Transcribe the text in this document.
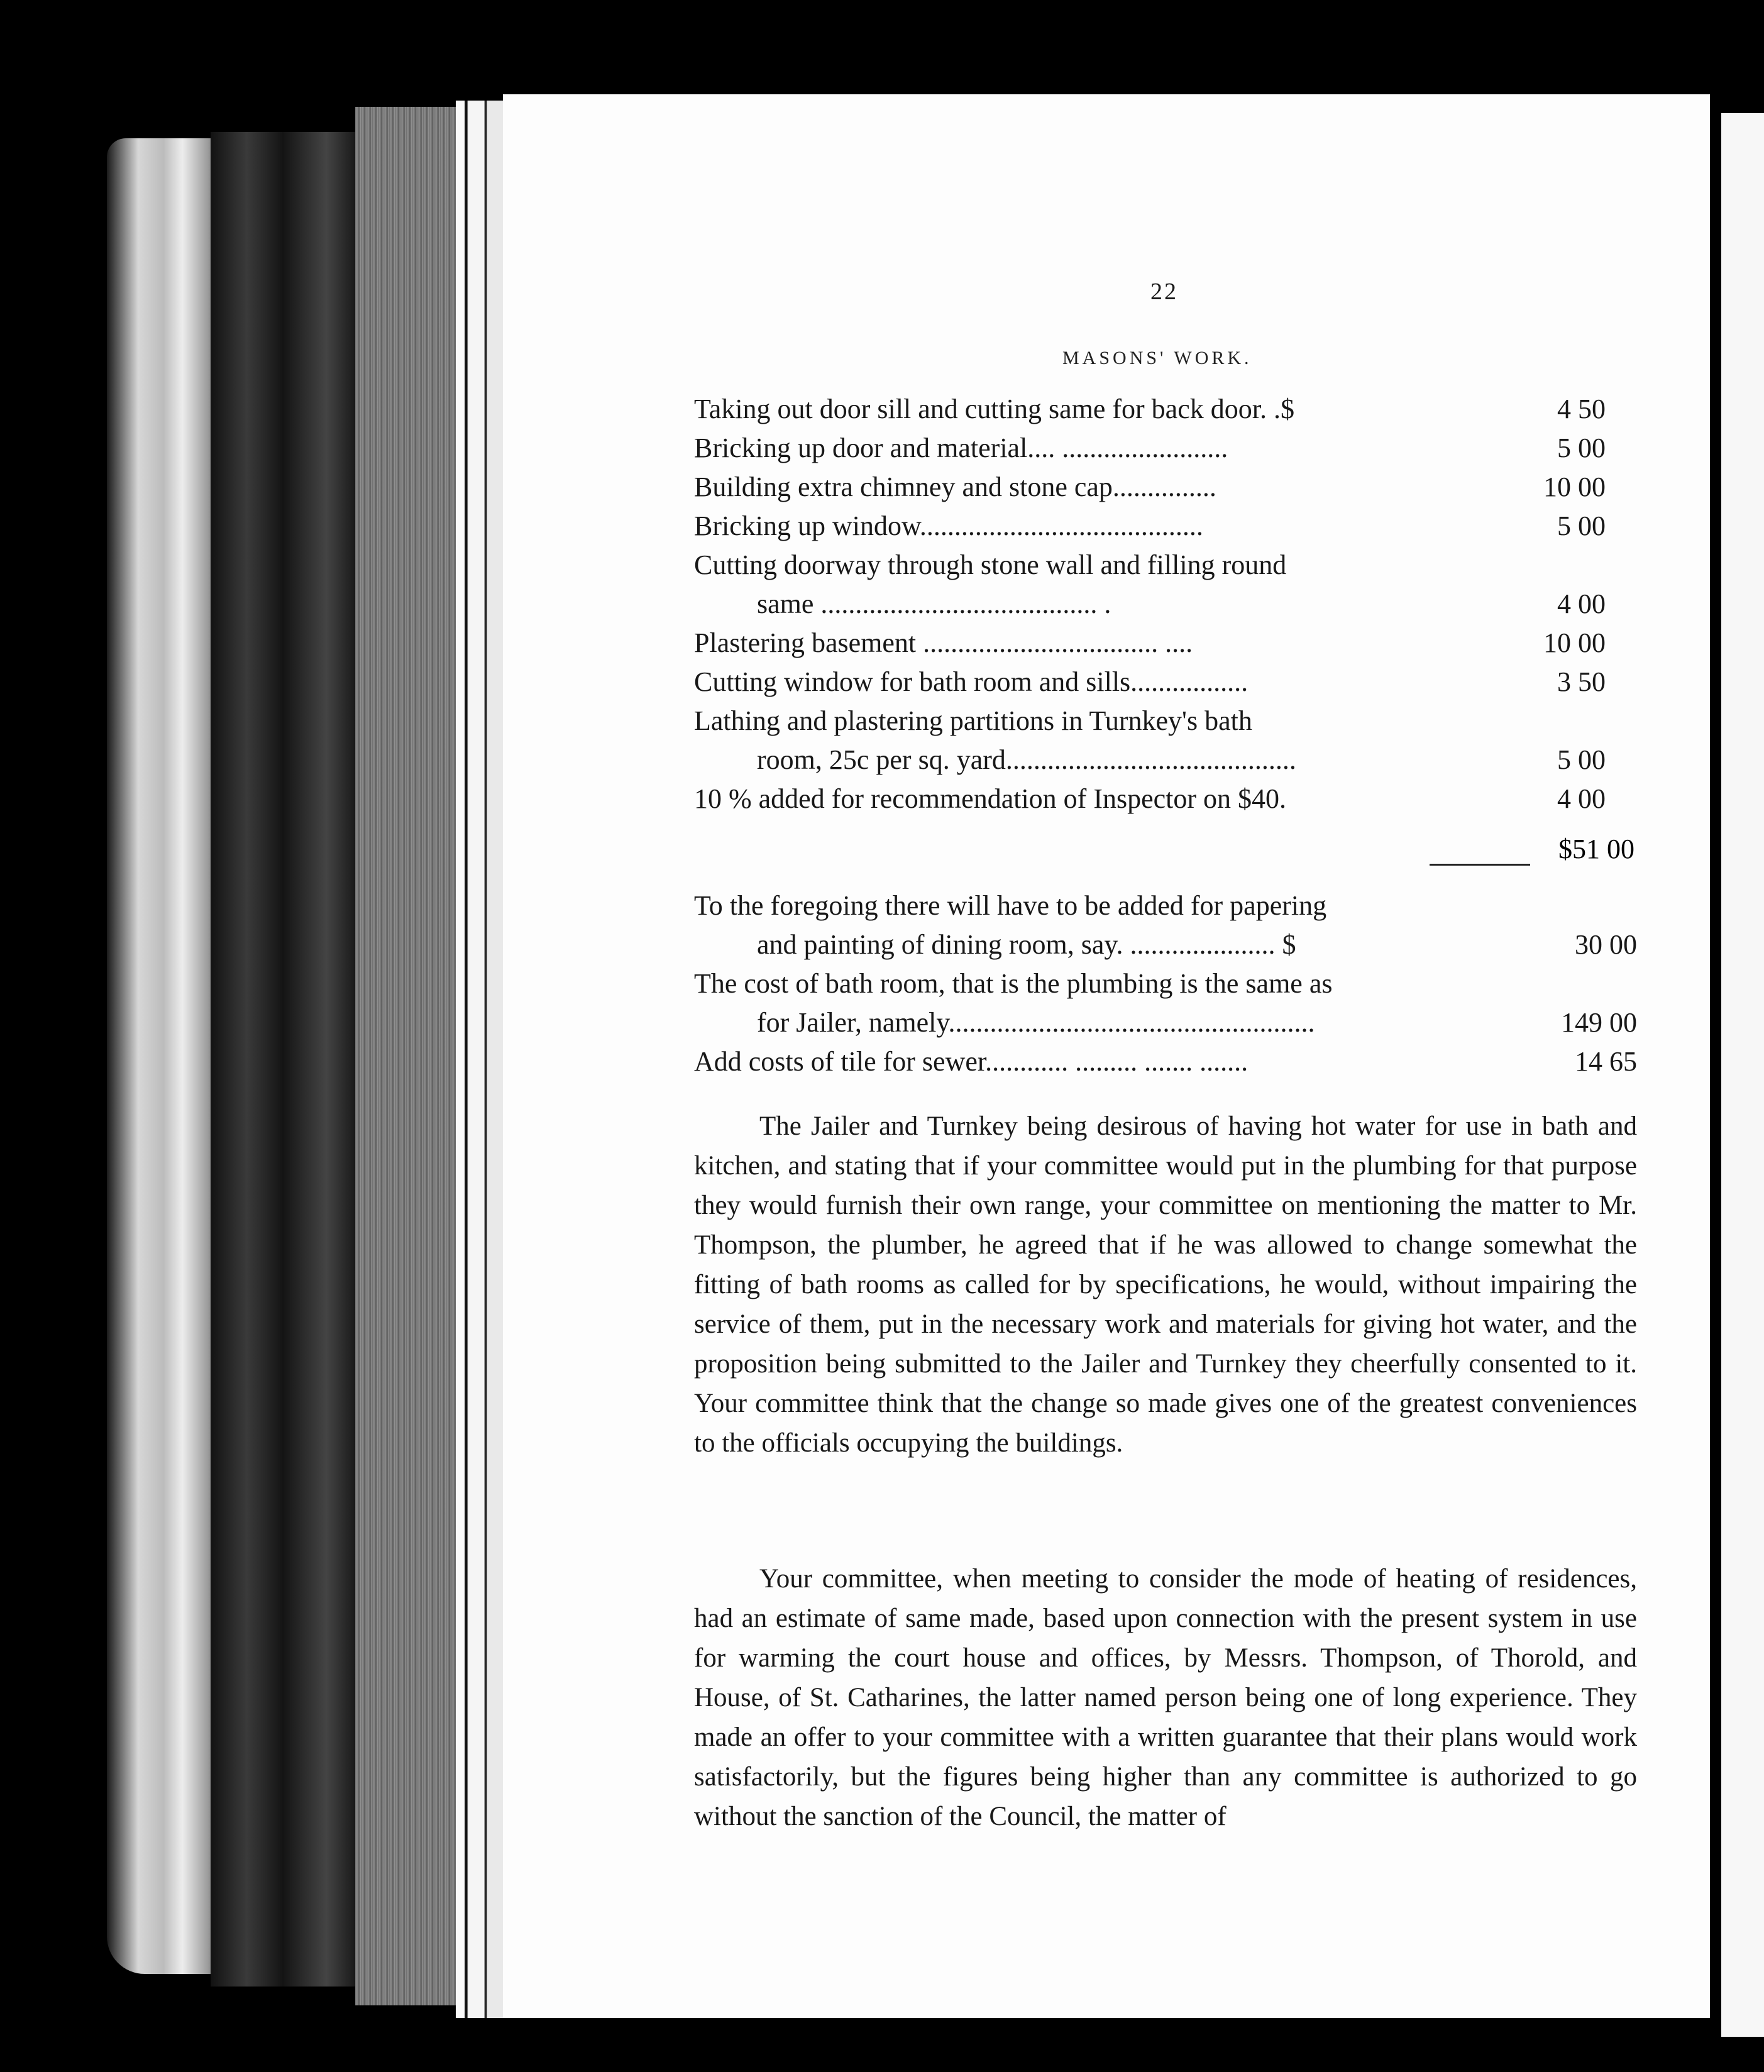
22
MASONS' WORK.
Taking out door sill and cutting same for back door. .$	4 50
Bricking up door and material.... ........................	5 00
Building extra chimney and stone cap...............	10 00
Bricking up window.........................................	5 00
Cutting doorway through stone wall and filling round
same ........................................ .	4 00
Plastering basement .................................. ....	10 00
Cutting window for bath room and sills.................	3 50
Lathing and plastering partitions in Turnkey's bath
room, 25c per sq. yard..........................................	5 00
10 % added for recommendation of Inspector on $40.	4 00
$51 00
To the foregoing there will have to be added for papering
and painting of dining room, say. ..................... $	30 00
The cost of bath room, that is the plumbing is the same as
for Jailer, namely.....................................................	149 00
Add costs of tile for sewer............ ......... ....... .......	14 65

The Jailer and Turnkey being desirous of having hot water for use in bath and kitchen, and stating that if your committee would put in the plumbing for that purpose they would furnish their own range, your committee on mentioning the matter to Mr. Thompson, the plumber, he agreed that if he was allowed to change somewhat the fitting of bath rooms as called for by specifications, he would, without impairing the service of them, put in the necessary work and materials for giving hot water, and the proposition being submitted to the Jailer and Turnkey they cheerfully consented to it. Your committee think that the change so made gives one of the greatest conveniences to the officials occupying the buildings.

Your committee, when meeting to consider the mode of heating of residences, had an estimate of same made, based upon connection with the present system in use for warming the court house and offices, by Messrs. Thompson, of Thorold, and House, of St. Catharines, the latter named person being one of long experience. They made an offer to your committee with a written guarantee that their plans would work satisfactorily, but the figures being higher than any committee is authorized to go without the sanction of the Council, the matter of
